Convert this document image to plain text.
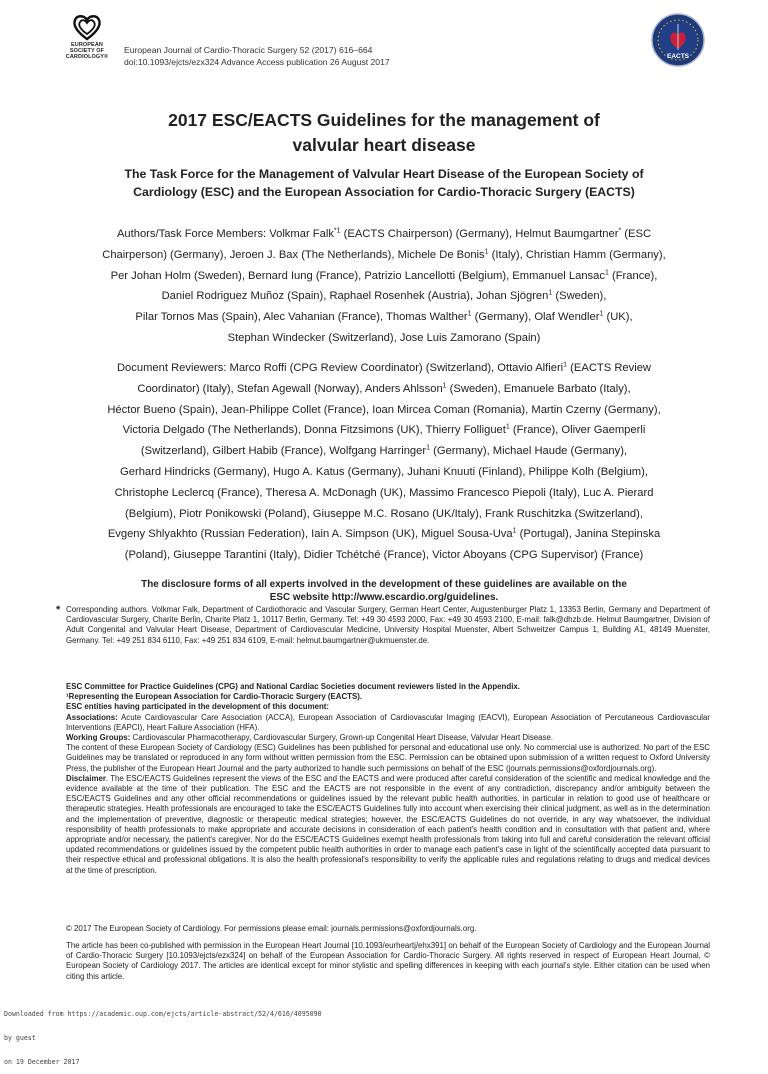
EUROPEAN
SOCIETY OF
CARDIOLOGY®
European Journal of Cardio-Thoracic Surgery 52 (2017) 616–664
doi:10.1093/ejcts/ezx324 Advance Access publication 26 August 2017
EACTS
2017 ESC/EACTS Guidelines for the management of
valvular heart disease
The Task Force for the Management of Valvular Heart Disease of the European Society of
Cardiology (ESC) and the European Association for Cardio-Thoracic Surgery (EACTS)
Authors/Task Force Members: Volkmar Falk$^{*1}$ (EACTS Chairperson) (Germany), Helmut Baumgartner* (ESC
Chairperson) (Germany), Jeroen J. Bax (The Netherlands), Michele De Bonis$^1$ (Italy), Christian Hamm (Germany),
Per Johan Holm (Sweden), Bernard Iung (France), Patrizio Lancellotti (Belgium), Emmanuel Lansac$^1$ (France),
Daniel Rodriguez Muñoz (Spain), Raphael Rosenhek (Austria), Johan Sjögren$^1$ (Sweden),
Pilar Tornos Mas (Spain), Alec Vahanian (France), Thomas Walther$^1$ (Germany), Olaf Wendler$^1$ (UK),
Stephan Windecker (Switzerland), Jose Luis Zamorano (Spain)
Document Reviewers: Marco Roffi (CPG Review Coordinator) (Switzerland), Ottavio Alfieri$^1$ (EACTS Review
Coordinator) (Italy), Stefan Agewall (Norway), Anders Ahlsson$^1$ (Sweden), Emanuele Barbato (Italy),
Héctor Bueno (Spain), Jean-Philippe Collet (France), Ioan Mircea Coman (Romania), Martin Czerny (Germany),
Victoria Delgado (The Netherlands), Donna Fitzsimons (UK), Thierry Folliguet$^1$ (France), Oliver Gaemperli
(Switzerland), Gilbert Habib (France), Wolfgang Harringer$^1$ (Germany), Michael Haude (Germany),
Gerhard Hindricks (Germany), Hugo A. Katus (Germany), Juhani Knuuti (Finland), Philippe Kolh (Belgium),
Christophe Leclercq (France), Theresa A. McDonagh (UK), Massimo Francesco Piepoli (Italy), Luc A. Pierard
(Belgium), Piotr Ponikowski (Poland), Giuseppe M.C. Rosano (UK/Italy), Frank Ruschitzka (Switzerland),
Evgeny Shlyakhto (Russian Federation), Iain A. Simpson (UK), Miguel Sousa-Uva$^1$ (Portugal), Janina Stepinska
(Poland), Giuseppe Tarantini (Italy), Didier Tchétché (France), Victor Aboyans (CPG Supervisor) (France)
The disclosure forms of all experts involved in the development of these guidelines are available on the
ESC website http://www.escardio.org/guidelines.
* Corresponding authors. Volkmar Falk, Department of Cardiothoracic and Vascular Surgery, German Heart Center, Augustenburger Platz 1, 13353 Berlin, Germany and Department of Cardiovascular Surgery, Charite Berlin, Charite Platz 1, 10117 Berlin, Germany. Tel: +49 30 4593 2000, Fax: +49 30 4593 2100, E-mail: falk@dhzb.de. Helmut Baumgartner, Division of Adult Congenital and Valvular Heart Disease, Department of Cardiovascular Medicine, University Hospital Muenster, Albert Schweitzer Campus 1, Building A1, 48149 Muenster, Germany. Tel: +49 251 834 6110, Fax: +49 251 834 6109, E-mail: helmut.baumgartner@ukmuenster.de.

ESC Committee for Practice Guidelines (CPG) and National Cardiac Societies document reviewers listed in the Appendix.

¹Representing the European Association for Cardio-Thoracic Surgery (EACTS).

ESC entities having participated in the development of this document:

Associations: Acute Cardiovascular Care Association (ACCA), European Association of Cardiovascular Imaging (EACVI), European Association of Percutaneous Cardiovascular Interventions (EAPCI), Heart Failure Association (HFA).

Working Groups: Cardiovascular Pharmacotherapy, Cardiovascular Surgery, Grown-up Congenital Heart Disease, Valvular Heart Disease.

The content of these European Society of Cardiology (ESC) Guidelines has been published for personal and educational use only. No commercial use is authorized. No part of the ESC Guidelines may be translated or reproduced in any form without written permission from the ESC. Permission can be obtained upon submission of a written request to Oxford University Press, the publisher of the European Heart Journal and the party authorized to handle such permissions on behalf of the ESC (journals.permissions@oxfordjournals.org).

Disclaimer. The ESC/EACTS Guidelines represent the views of the ESC and the EACTS and were produced after careful consideration of the scientific and medical knowledge and the evidence available at the time of their publication. The ESC and the EACTS are not responsible in the event of any contradiction, discrepancy and/or ambiguity between the ESC/EACTS Guidelines and any other official recommendations or guidelines issued by the relevant public health authorities, in particular in relation to good use of healthcare or therapeutic strategies. Health professionals are encouraged to take the ESC/EACTS Guidelines fully into account when exercising their clinical judgment, as well as in the determination and the implementation of preventive, diagnostic or therapeutic medical strategies; however, the ESC/EACTS Guidelines do not override, in any way whatsoever, the individual responsibility of health professionals to make appropriate and accurate decisions in consideration of each patient's health condition and in consultation with that patient and, where appropriate and/or necessary, the patient's caregiver. Nor do the ESC/EACTS Guidelines exempt health professionals from taking into full and careful consideration the relevant official updated recommendations or guidelines issued by the competent public health authorities in order to manage each patient's case in light of the scientifically accepted data pursuant to their respective ethical and professional obligations. It is also the health professional's responsibility to verify the applicable rules and regulations relating to drugs and medical devices at the time of prescription.

© 2017 The European Society of Cardiology. For permissions please email: journals.permissions@oxfordjournals.org.
The article has been co-published with permission in the European Heart Journal [10.1093/eurheartj/ehx391] on behalf of the European Society of Cardiology and the European Journal of Cardio-Thoracic Surgery [10.1093/ejcts/ezx324] on behalf of the European Association for Cardio-Thoracic Surgery. All rights reserved in respect of European Heart Journal, © European Society of Cardiology 2017. The articles are identical except for minor stylistic and spelling differences in keeping with each journal's style. Either citation can be used when citing this article.

Downloaded from https://academic.oup.com/ejcts/article-abstract/52/4/616/4095090

by guest

on 19 December 2017
